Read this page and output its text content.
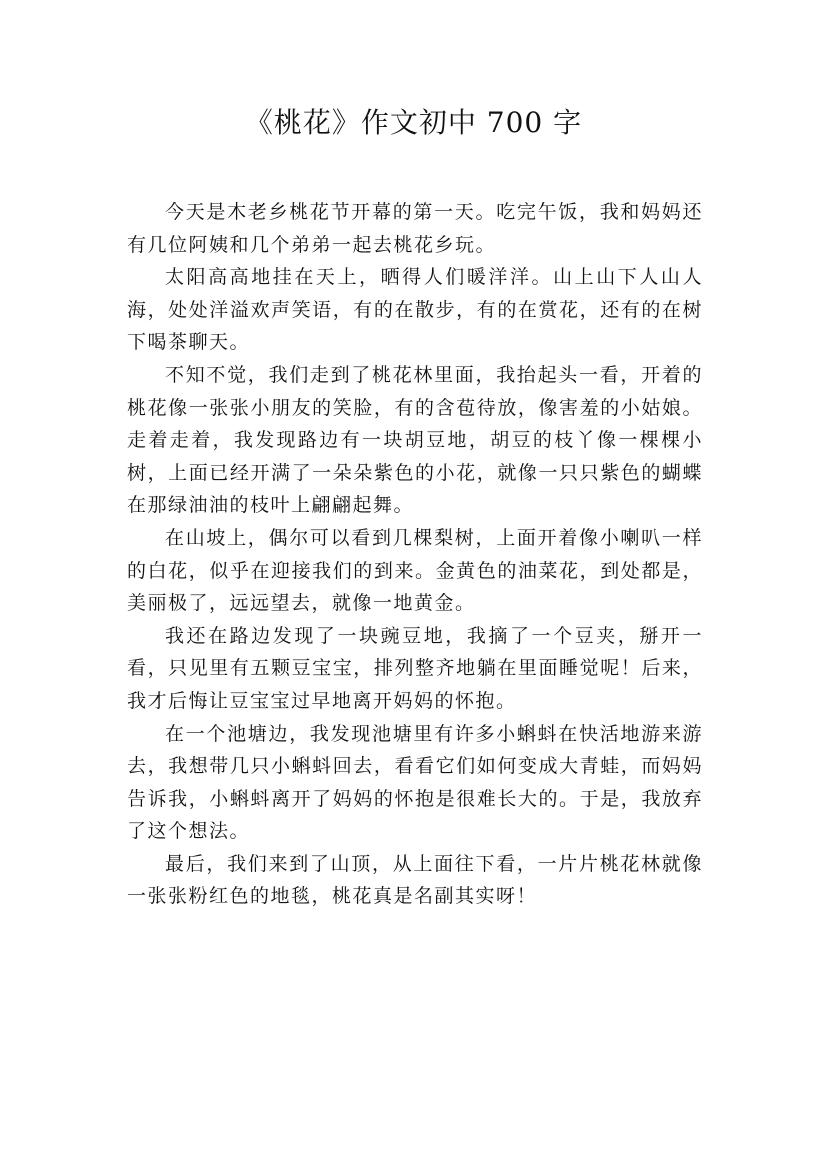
《桃花》作文初中 700 字

今天是木老乡桃花节开幕的第一天。吃完午饭，我和妈妈还有几位阿姨和几个弟弟一起去桃花乡玩。

太阳高高地挂在天上，晒得人们暖洋洋。山上山下人山人海，处处洋溢欢声笑语，有的在散步，有的在赏花，还有的在树下喝茶聊天。

不知不觉，我们走到了桃花林里面，我抬起头一看，开着的桃花像一张张小朋友的笑脸，有的含苞待放，像害羞的小姑娘。走着走着，我发现路边有一块胡豆地，胡豆的枝丫像一棵棵小树，上面已经开满了一朵朵紫色的小花，就像一只只紫色的蝴蝶在那绿油油的枝叶上翩翩起舞。

在山坡上，偶尔可以看到几棵梨树，上面开着像小喇叭一样的白花，似乎在迎接我们的到来。金黄色的油菜花，到处都是，美丽极了，远远望去，就像一地黄金。

我还在路边发现了一块豌豆地，我摘了一个豆夹，掰开一看，只见里有五颗豆宝宝，排列整齐地躺在里面睡觉呢！后来，我才后悔让豆宝宝过早地离开妈妈的怀抱。

在一个池塘边，我发现池塘里有许多小蝌蚪在快活地游来游去，我想带几只小蝌蚪回去，看看它们如何变成大青蛙，而妈妈告诉我，小蝌蚪离开了妈妈的怀抱是很难长大的。于是，我放弃了这个想法。

最后，我们来到了山顶，从上面往下看，一片片桃花林就像一张张粉红色的地毯，桃花真是名副其实呀！
